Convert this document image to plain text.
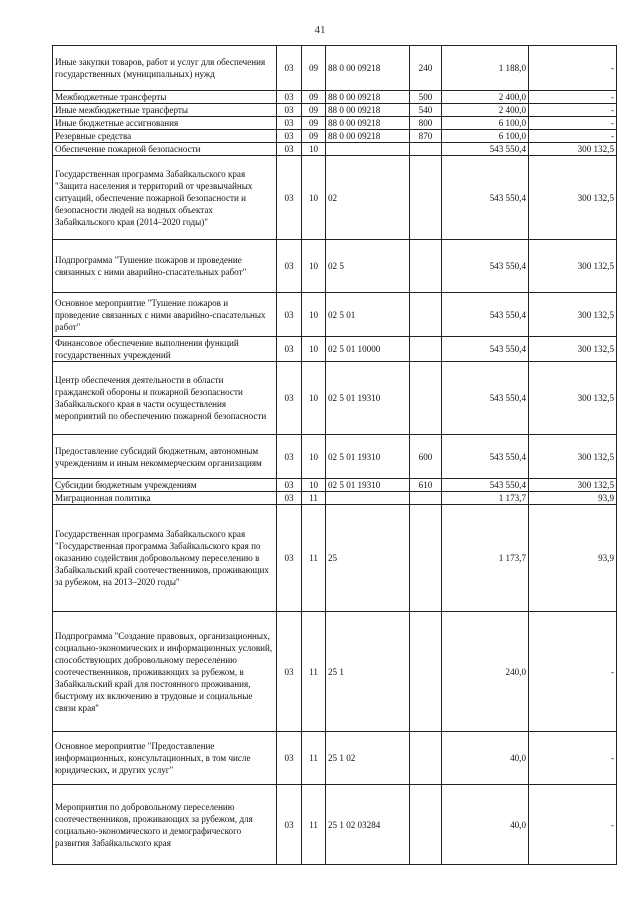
41
Иные закупки товаров, работ и услуг для обеспечения государственных (муниципальных) нужд	03	09	88 0 00 09218	240	1 188,0	-
Межбюджетные трансферты	03	09	88 0 00 09218	500	2 400,0	-
Иные межбюджетные трансферты	03	09	88 0 00 09218	540	2 400,0	-
Иные бюджетные ассигнования	03	09	88 0 00 09218	800	6 100,0	-
Резервные средства	03	09	88 0 00 09218	870	6 100,0	-
Обеспечение пожарной безопасности	03	10			543 550,4	300 132,5
Государственная программа Забайкальского края "Защита населения и территорий от чрезвычайных ситуаций, обеспечение пожарной безопасности и безопасности людей на водных объектах Забайкальского края (2014–2020 годы)"	03	10	02		543 550,4	300 132,5
Подпрограмма "Тушение пожаров и проведение связанных с ними аварийно-спасательных работ"	03	10	02 5		543 550,4	300 132,5
Основное мероприятие "Тушение пожаров и проведение связанных с ними аварийно-спасательных работ"	03	10	02 5 01		543 550,4	300 132,5
Финансовое обеспечение выполнения функций государственных учреждений	03	10	02 5 01 10000		543 550,4	300 132,5
Центр обеспечения деятельности в области гражданской обороны и пожарной безопасности Забайкальского края в части осуществления мероприятий по обеспечению пожарной безопасности	03	10	02 5 01 19310		543 550,4	300 132,5
Предоставление субсидий бюджетным, автономным учреждениям и иным некоммерческим организациям	03	10	02 5 01 19310	600	543 550,4	300 132,5
Субсидии бюджетным учреждениям	03	10	02 5 01 19310	610	543 550,4	300 132,5
Миграционная политика	03	11			1 173,7	93,9
Государственная программа Забайкальского края "Государственная программа Забайкальского края по оказанию содействия добровольному переселению в Забайкальский край соотечественников, проживающих за рубежом, на 2013–2020 годы"	03	11	25		1 173,7	93,9
Подпрограмма "Создание правовых, организационных, социально-экономических и информационных условий, способствующих добровольному переселению соотечественников, проживающих за рубежом, в Забайкальский край для постоянного проживания, быстрому их включению в трудовые и социальные связи края"	03	11	25 1		240,0	-
Основное мероприятие "Предоставление информационных, консультационных, в том числе юридических, и других услуг"	03	11	25 1 02		40,0	-
Мероприятия по добровольному переселению соотечественников, проживающих за рубежом, для социально-экономического и демографического развития Забайкальского края	03	11	25 1 02 03284		40,0	-
